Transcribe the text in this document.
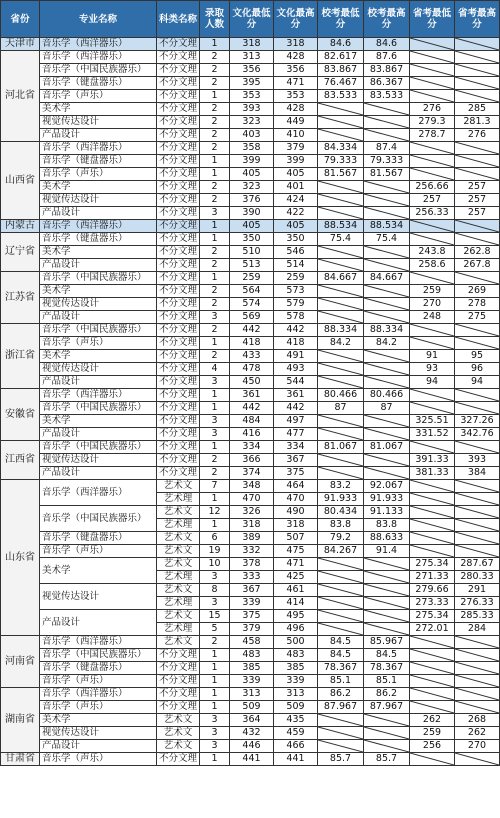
省份	专业名称	科类名称	录取人数	文化最低分	文化最高分	校考最低分	校考最高分	省考最低分	省考最高分
天津市	音乐学（西洋器乐）	不分文理	1	318	318	84.6	84.6	

河北省	音乐学（西洋器乐）	不分文理	2	313	428	82.617	87.6	

	音乐学（中国民族器乐）	不分文理	2	356	356	83.867	83.867	

	音乐学（键盘器乐）	不分文理	2	395	471	76.467	86.367	

	音乐学（声乐）	不分文理	1	353	353	83.533	83.533	

	美术学	不分文理	2	393	428			276	285
	视觉传达设计	不分文理	2	323	449			279.3	281.3
	产品设计	不分文理	2	403	410			278.7	276
山西省	音乐学（西洋器乐）	不分文理	2	358	379	84.334	87.4	

	音乐学（键盘器乐）	不分文理	1	399	399	79.333	79.333	

	音乐学（声乐）	不分文理	1	405	405	81.567	81.567	

	美术学	不分文理	2	323	401			256.66	257
	视觉传达设计	不分文理	2	376	424			257	257
	产品设计	不分文理	3	390	422			256.33	257
内蒙古	音乐学（西洋器乐）	不分文理	1	405	405	88.534	88.534	

辽宁省	音乐学（键盘器乐）	不分文理	1	350	350	75.4	75.4	

	美术学	不分文理	2	510	546			243.8	262.8
	产品设计	不分文理	2	513	514			258.6	267.8
江苏省	音乐学（中国民族器乐）	不分文理	1	259	259	84.667	84.667	

	美术学	不分文理	2	564	573			259	269
	视觉传达设计	不分文理	2	574	579			270	278
	产品设计	不分文理	3	569	578			248	275
浙江省	音乐学（中国民族器乐）	不分文理	2	442	442	88.334	88.334	

	音乐学（声乐）	不分文理	1	418	418	84.2	84.2	

	美术学	不分文理	2	433	491			91	95
	视觉传达设计	不分文理	4	478	493			93	96
	产品设计	不分文理	3	450	544			94	94
安徽省	音乐学（西洋器乐）	不分文理	1	361	361	80.466	80.466	

	音乐学（中国民族器乐）	不分文理	1	442	442	87	87	

	美术学	不分文理	3	484	497			325.51	327.26
	产品设计	不分文理	3	416	477			331.52	342.76
江西省	音乐学（中国民族器乐）	不分文理	1	334	334	81.067	81.067	

	视觉传达设计	不分文理	2	366	367			391.33	393
	产品设计	不分文理	2	374	375			381.33	384
山东省	音乐学（西洋器乐）	艺术文	7	348	464	83.2	92.067	

		艺术理	1	470	470	91.933	91.933	

	音乐学（中国民族器乐）	艺术文	12	326	490	80.434	91.133	

		艺术理	1	318	318	83.8	83.8	

	音乐学（键盘器乐）	艺术文	6	389	507	79.2	88.633	

	音乐学（声乐）	艺术文	19	332	475	84.267	91.4	

	美术学	艺术文	10	378	471			275.34	287.67
		艺术理	3	333	425			271.33	280.33
	视觉传达设计	艺术文	8	367	461			279.66	291
		艺术理	3	339	414			273.33	276.33
	产品设计	艺术文	15	375	495			275.34	285.33
		艺术理	5	379	496			272.01	284
河南省	音乐学（西洋器乐）	艺术文	2	458	500	84.5	85.967	

	音乐学（中国民族器乐）	不分文理	1	483	483	84.5	84.5	

	音乐学（键盘器乐）	不分文理	1	385	385	78.367	78.367	

	音乐学（声乐）	不分文理	1	339	339	85.1	85.1	

湖南省	音乐学（西洋器乐）	不分文理	1	313	313	86.2	86.2	

	音乐学（声乐）	不分文理	1	509	509	87.967	87.967	

	美术学	艺术文	3	364	435			262	268
	视觉传达设计	艺术文	3	432	459			259	262
	产品设计	艺术文	3	446	466			256	270
甘肃省	音乐学（声乐）	不分文理	1	441	441	85.7	85.7	
